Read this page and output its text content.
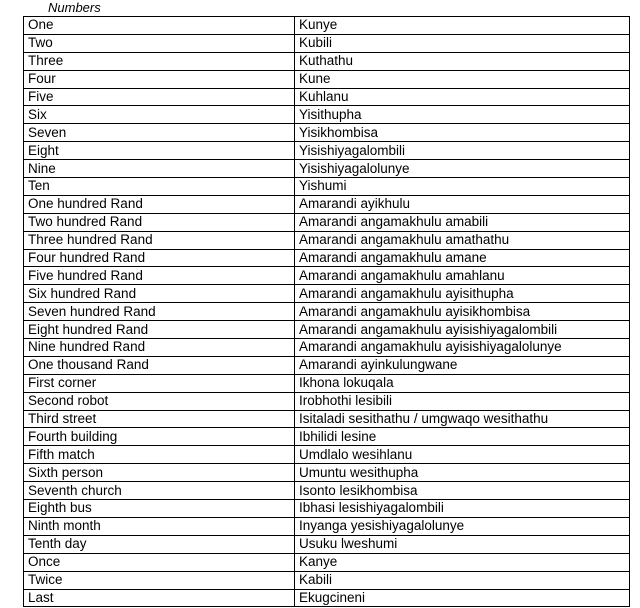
Numbers
One	Kunye
Two	Kubili
Three	Kuthathu
Four	Kune
Five	Kuhlanu
Six	Yisithupha
Seven	Yisikhombisa
Eight	Yisishiyagalombili
Nine	Yisishiyagalolunye
Ten	Yishumi
One hundred Rand	Amarandi ayikhulu
Two hundred Rand	Amarandi angamakhulu amabili
Three hundred Rand	Amarandi angamakhulu amathathu
Four hundred Rand	Amarandi angamakhulu amane
Five hundred Rand	Amarandi angamakhulu amahlanu
Six hundred Rand	Amarandi angamakhulu ayisithupha
Seven hundred Rand	Amarandi angamakhulu ayisikhombisa
Eight hundred Rand	Amarandi angamakhulu ayisishiyagalombili
Nine hundred Rand	Amarandi angamakhulu ayisishiyagalolunye
One thousand Rand	Amarandi ayinkulungwane
First corner	Ikhona lokuqala
Second robot	Irobhothi lesibili
Third street	Isitaladi sesithathu / umgwaqo wesithathu
Fourth building	Ibhilidi lesine
Fifth match	Umdlalo wesihlanu
Sixth person	Umuntu wesithupha
Seventh church	Isonto lesikhombisa
Eighth bus	Ibhasi lesishiyagalombili
Ninth month	Inyanga yesishiyagalolunye
Tenth day	Usuku lweshumi
Once	Kanye
Twice	Kabili
Last	Ekugcineni
